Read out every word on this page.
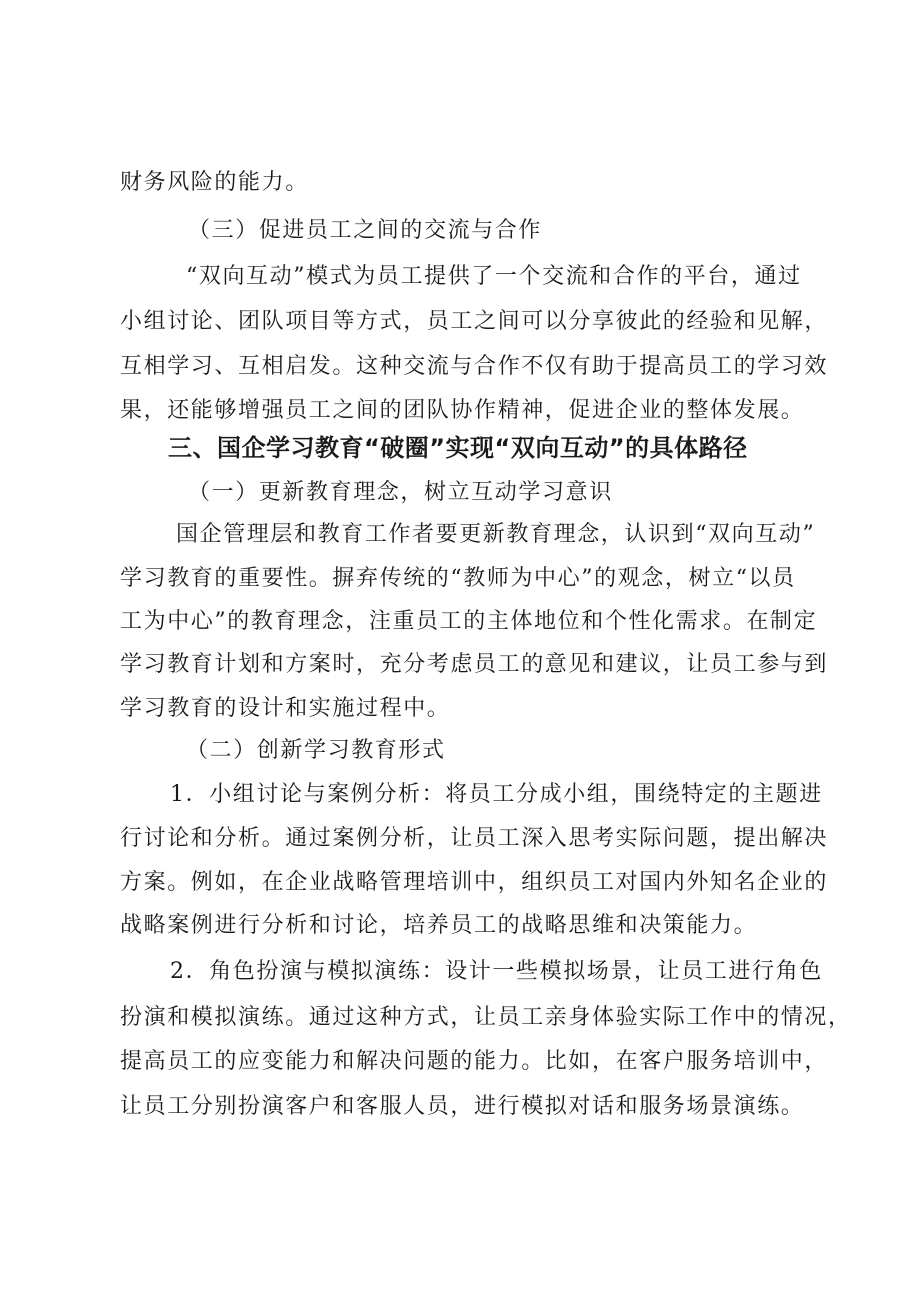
财务风险的能力。
（三）促进员工之间的交流与合作
“双向互动”模式为员工提供了一个交流和合作的平台，通过
小组讨论、团队项目等方式，员工之间可以分享彼此的经验和见解，
互相学习、互相启发。这种交流与合作不仅有助于提高员工的学习效
果，还能够增强员工之间的团队协作精神，促进企业的整体发展。
三、国企学习教育“破圈”实现“双向互动”的具体路径
（一）更新教育理念，树立互动学习意识
国企管理层和教育工作者要更新教育理念，认识到“双向互动”
学习教育的重要性。摒弃传统的“教师为中心”的观念，树立“以员
工为中心”的教育理念，注重员工的主体地位和个性化需求。在制定
学习教育计划和方案时，充分考虑员工的意见和建议，让员工参与到
学习教育的设计和实施过程中。
（二）创新学习教育形式
1．小组讨论与案例分析：将员工分成小组，围绕特定的主题进
行讨论和分析。通过案例分析，让员工深入思考实际问题，提出解决
方案。例如，在企业战略管理培训中，组织员工对国内外知名企业的
战略案例进行分析和讨论，培养员工的战略思维和决策能力。
2．角色扮演与模拟演练：设计一些模拟场景，让员工进行角色
扮演和模拟演练。通过这种方式，让员工亲身体验实际工作中的情况，
提高员工的应变能力和解决问题的能力。比如，在客户服务培训中，
让员工分别扮演客户和客服人员，进行模拟对话和服务场景演练。
